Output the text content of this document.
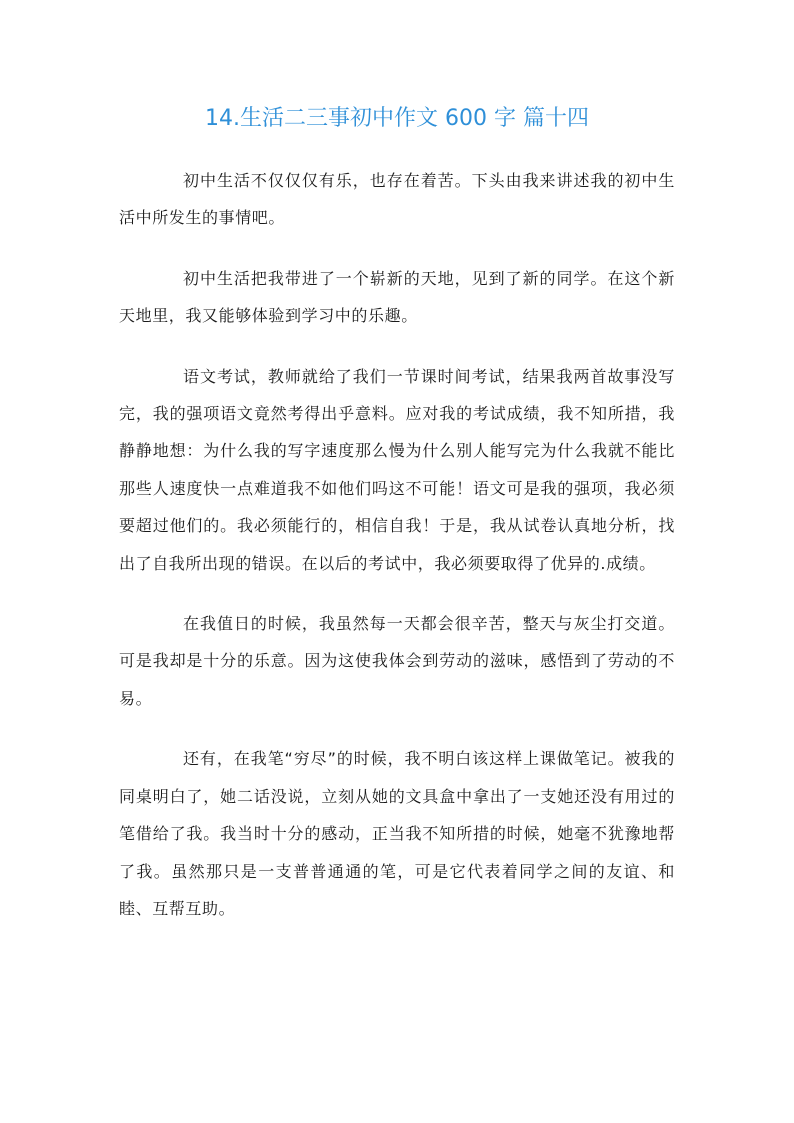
14.生活二三事初中作文 600 字 篇十四

初中生活不仅仅仅有乐，也存在着苦。下头由我来讲述我的初中生活中所发生的事情吧。

初中生活把我带进了一个崭新的天地，见到了新的同学。在这个新天地里，我又能够体验到学习中的乐趣。

语文考试，教师就给了我们一节课时间考试，结果我两首故事没写完，我的强项语文竟然考得出乎意料。应对我的考试成绩，我不知所措，我静静地想：为什么我的写字速度那么慢为什么别人能写完为什么我就不能比那些人速度快一点难道我不如他们吗这不可能！语文可是我的强项，我必须要超过他们的。我必须能行的，相信自我！于是，我从试卷认真地分析，找出了自我所出现的错误。在以后的考试中，我必须要取得了优异的.成绩。

在我值日的时候，我虽然每一天都会很辛苦，整天与灰尘打交道。可是我却是十分的乐意。因为这使我体会到劳动的滋味，感悟到了劳动的不易。

还有，在我笔“穷尽”的时候，我不明白该这样上课做笔记。被我的同桌明白了，她二话没说，立刻从她的文具盒中拿出了一支她还没有用过的笔借给了我。我当时十分的感动，正当我不知所措的时候，她毫不犹豫地帮了我。虽然那只是一支普普通通的笔，可是它代表着同学之间的友谊、和睦、互帮互助。
